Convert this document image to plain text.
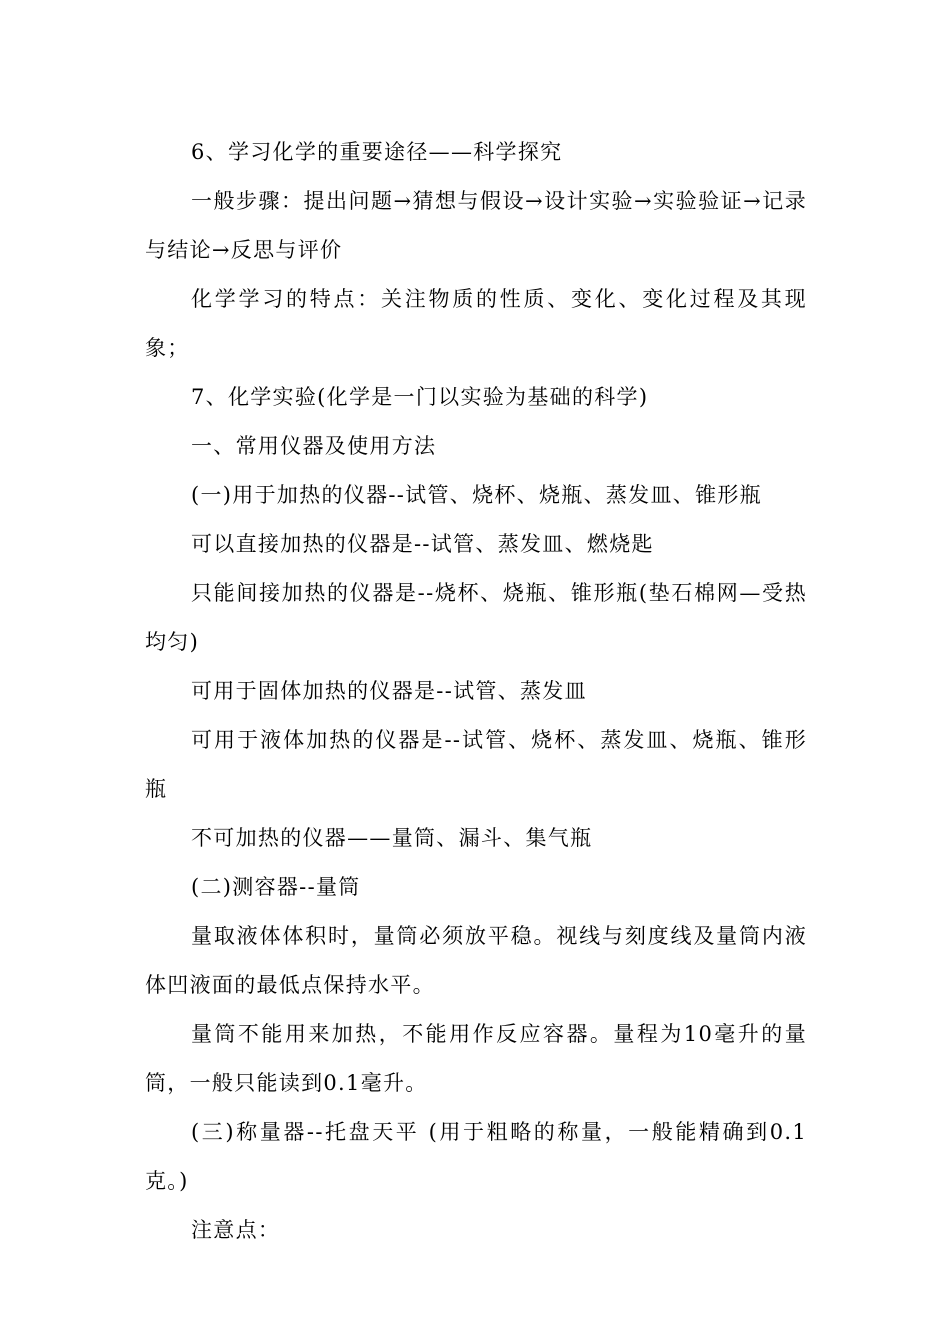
6、学习化学的重要途径——科学探究

一般步骤：提出问题→猜想与假设→设计实验→实验验证→记录与结论→反思与评价

化学学习的特点：关注物质的性质、变化、变化过程及其现象；

7、化学实验(化学是一门以实验为基础的科学)

一、常用仪器及使用方法

(一)用于加热的仪器--试管、烧杯、烧瓶、蒸发皿、锥形瓶

可以直接加热的仪器是--试管、蒸发皿、燃烧匙

只能间接加热的仪器是--烧杯、烧瓶、锥形瓶(垫石棉网—受热均匀)

可用于固体加热的仪器是--试管、蒸发皿

可用于液体加热的仪器是--试管、烧杯、蒸发皿、烧瓶、锥形瓶

不可加热的仪器——量筒、漏斗、集气瓶

(二)测容器--量筒

量取液体体积时，量筒必须放平稳。视线与刻度线及量筒内液体凹液面的最低点保持水平。

量筒不能用来加热，不能用作反应容器。量程为10毫升的量筒，一般只能读到0.1毫升。

(三)称量器--托盘天平 (用于粗略的称量，一般能精确到0.1克。)

注意点：
